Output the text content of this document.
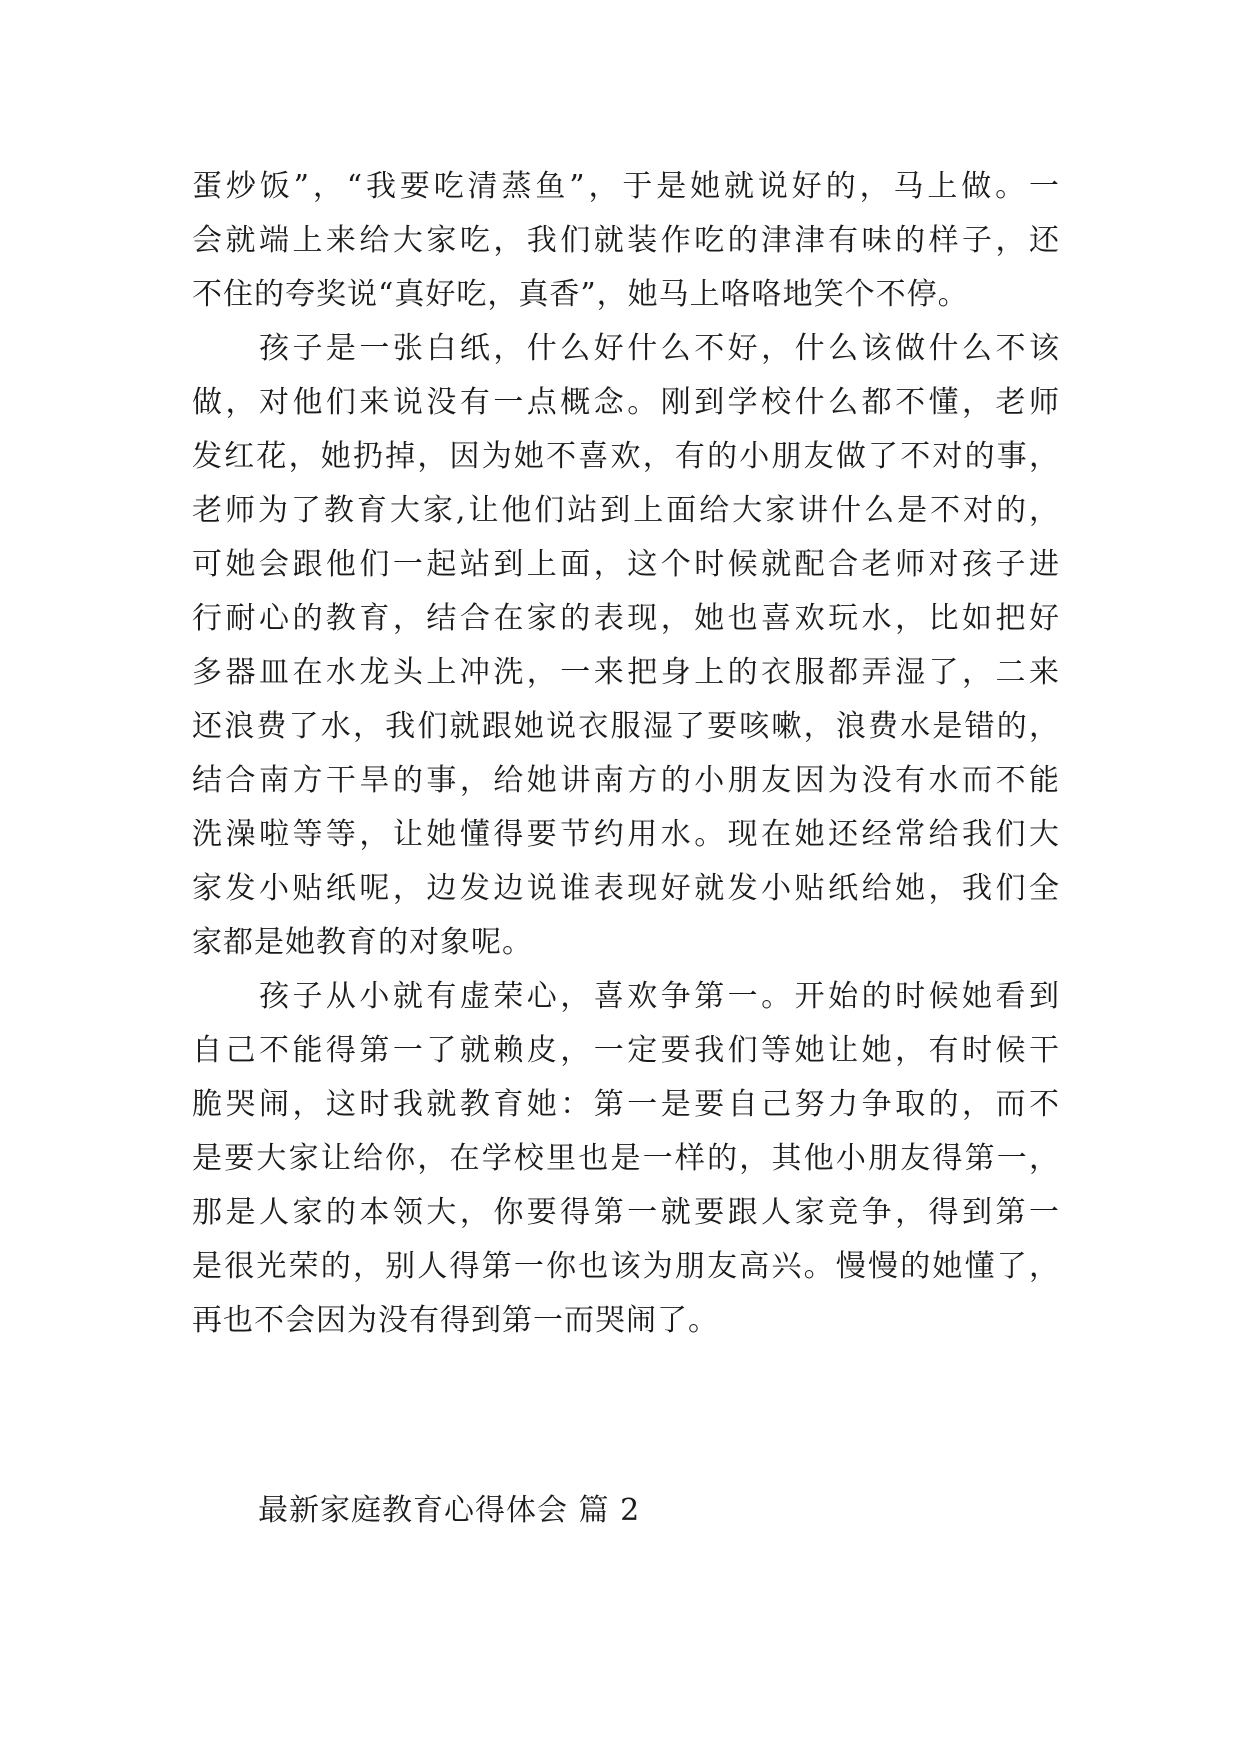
蛋炒饭”，“我要吃清蒸鱼”，于是她就说好的，马上做。一
会就端上来给大家吃，我们就装作吃的津津有味的样子，还
不住的夸奖说“真好吃，真香”，她马上咯咯地笑个不停。
　　孩子是一张白纸，什么好什么不好，什么该做什么不该
做，对他们来说没有一点概念。刚到学校什么都不懂，老师
发红花，她扔掉，因为她不喜欢，有的小朋友做了不对的事，
老师为了教育大家,让他们站到上面给大家讲什么是不对的，
可她会跟他们一起站到上面，这个时候就配合老师对孩子进
行耐心的教育，结合在家的表现，她也喜欢玩水，比如把好
多器皿在水龙头上冲洗，一来把身上的衣服都弄湿了，二来
还浪费了水，我们就跟她说衣服湿了要咳嗽，浪费水是错的，
结合南方干旱的事，给她讲南方的小朋友因为没有水而不能
洗澡啦等等，让她懂得要节约用水。现在她还经常给我们大
家发小贴纸呢，边发边说谁表现好就发小贴纸给她，我们全
家都是她教育的对象呢。
　　孩子从小就有虚荣心，喜欢争第一。开始的时候她看到
自己不能得第一了就赖皮，一定要我们等她让她，有时候干
脆哭闹，这时我就教育她：第一是要自己努力争取的，而不
是要大家让给你，在学校里也是一样的，其他小朋友得第一，
那是人家的本领大，你要得第一就要跟人家竞争，得到第一
是很光荣的，别人得第一你也该为朋友高兴。慢慢的她懂了，
再也不会因为没有得到第一而哭闹了。
最新家庭教育心得体会 篇 2
